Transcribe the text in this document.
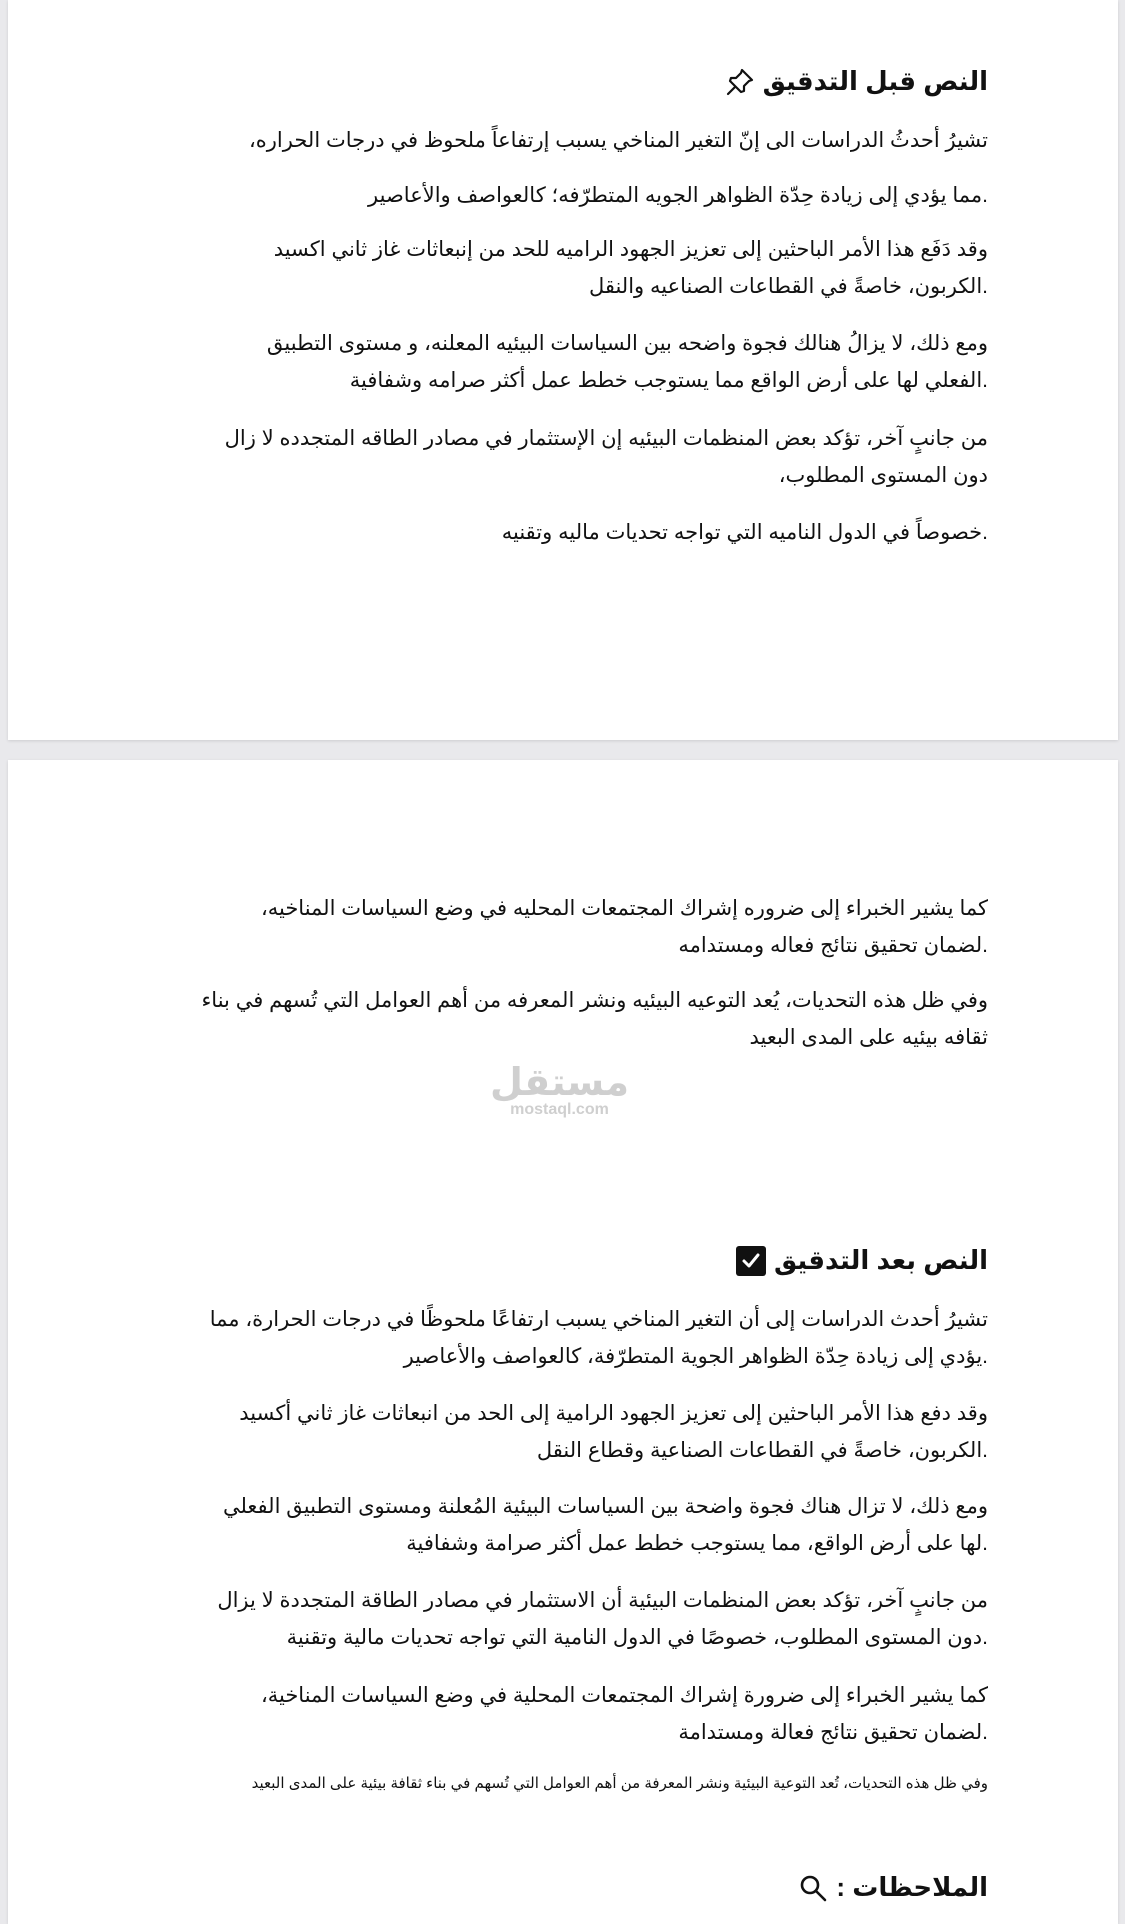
النص قبل التدقيق
تشيرُ أحدثُ الدراسات الى إنّ التغير المناخي يسبب إرتفاعاً ملحوظ في درجات الحراره،
.مما يؤدي إلى زيادة حِدّة الظواهر الجويه المتطرّفه؛ كالعواصف والأعاصير
وقد دَفَع هذا الأمر الباحثين إلى تعزيز الجهود الراميه للحد من إنبعاثات غاز ثاني اكسيد
.الكربون، خاصةً في القطاعات الصناعيه والنقل
ومع ذلك، لا يزالُ هنالك فجوة واضحه بين السياسات البيئيه المعلنه، و مستوى التطبيق
.الفعلي لها على أرض الواقع مما يستوجب خطط عمل أكثر صرامه وشفافية
من جانبٍ آخر، تؤكد بعض المنظمات البيئيه إن الإستثمار في مصادر الطاقه المتجدده لا زال
دون المستوى المطلوب،
.خصوصاً في الدول الناميه التي تواجه تحديات ماليه وتقنيه
كما يشير الخبراء إلى ضروره إشراك المجتمعات المحليه في وضع السياسات المناخيه،
.لضمان تحقيق نتائج فعاله ومستدامه
وفي ظل هذه التحديات، يُعد التوعيه البيئيه ونشر المعرفه من أهم العوامل التي تُسهم في بناء
ثقافه بيئيه على المدى البعيد
النص بعد التدقيق
تشيرُ أحدث الدراسات إلى أن التغير المناخي يسبب ارتفاعًا ملحوظًا في درجات الحرارة، مما
.يؤدي إلى زيادة حِدّة الظواهر الجوية المتطرّفة، كالعواصف والأعاصير
وقد دفع هذا الأمر الباحثين إلى تعزيز الجهود الرامية إلى الحد من انبعاثات غاز ثاني أكسيد
.الكربون، خاصةً في القطاعات الصناعية وقطاع النقل
ومع ذلك، لا تزال هناك فجوة واضحة بين السياسات البيئية المُعلنة ومستوى التطبيق الفعلي
.لها على أرض الواقع، مما يستوجب خطط عمل أكثر صرامة وشفافية
من جانبٍ آخر، تؤكد بعض المنظمات البيئية أن الاستثمار في مصادر الطاقة المتجددة لا يزال
.دون المستوى المطلوب، خصوصًا في الدول النامية التي تواجه تحديات مالية وتقنية
كما يشير الخبراء إلى ضرورة إشراك المجتمعات المحلية في وضع السياسات المناخية،
.لضمان تحقيق نتائج فعالة ومستدامة
وفي ظل هذه التحديات، تُعد التوعية البيئية ونشر المعرفة من أهم العوامل التي تُسهم في بناء ثقافة بيئية على المدى البعيد
الملاحظات :
مستقل
mostaql.com
